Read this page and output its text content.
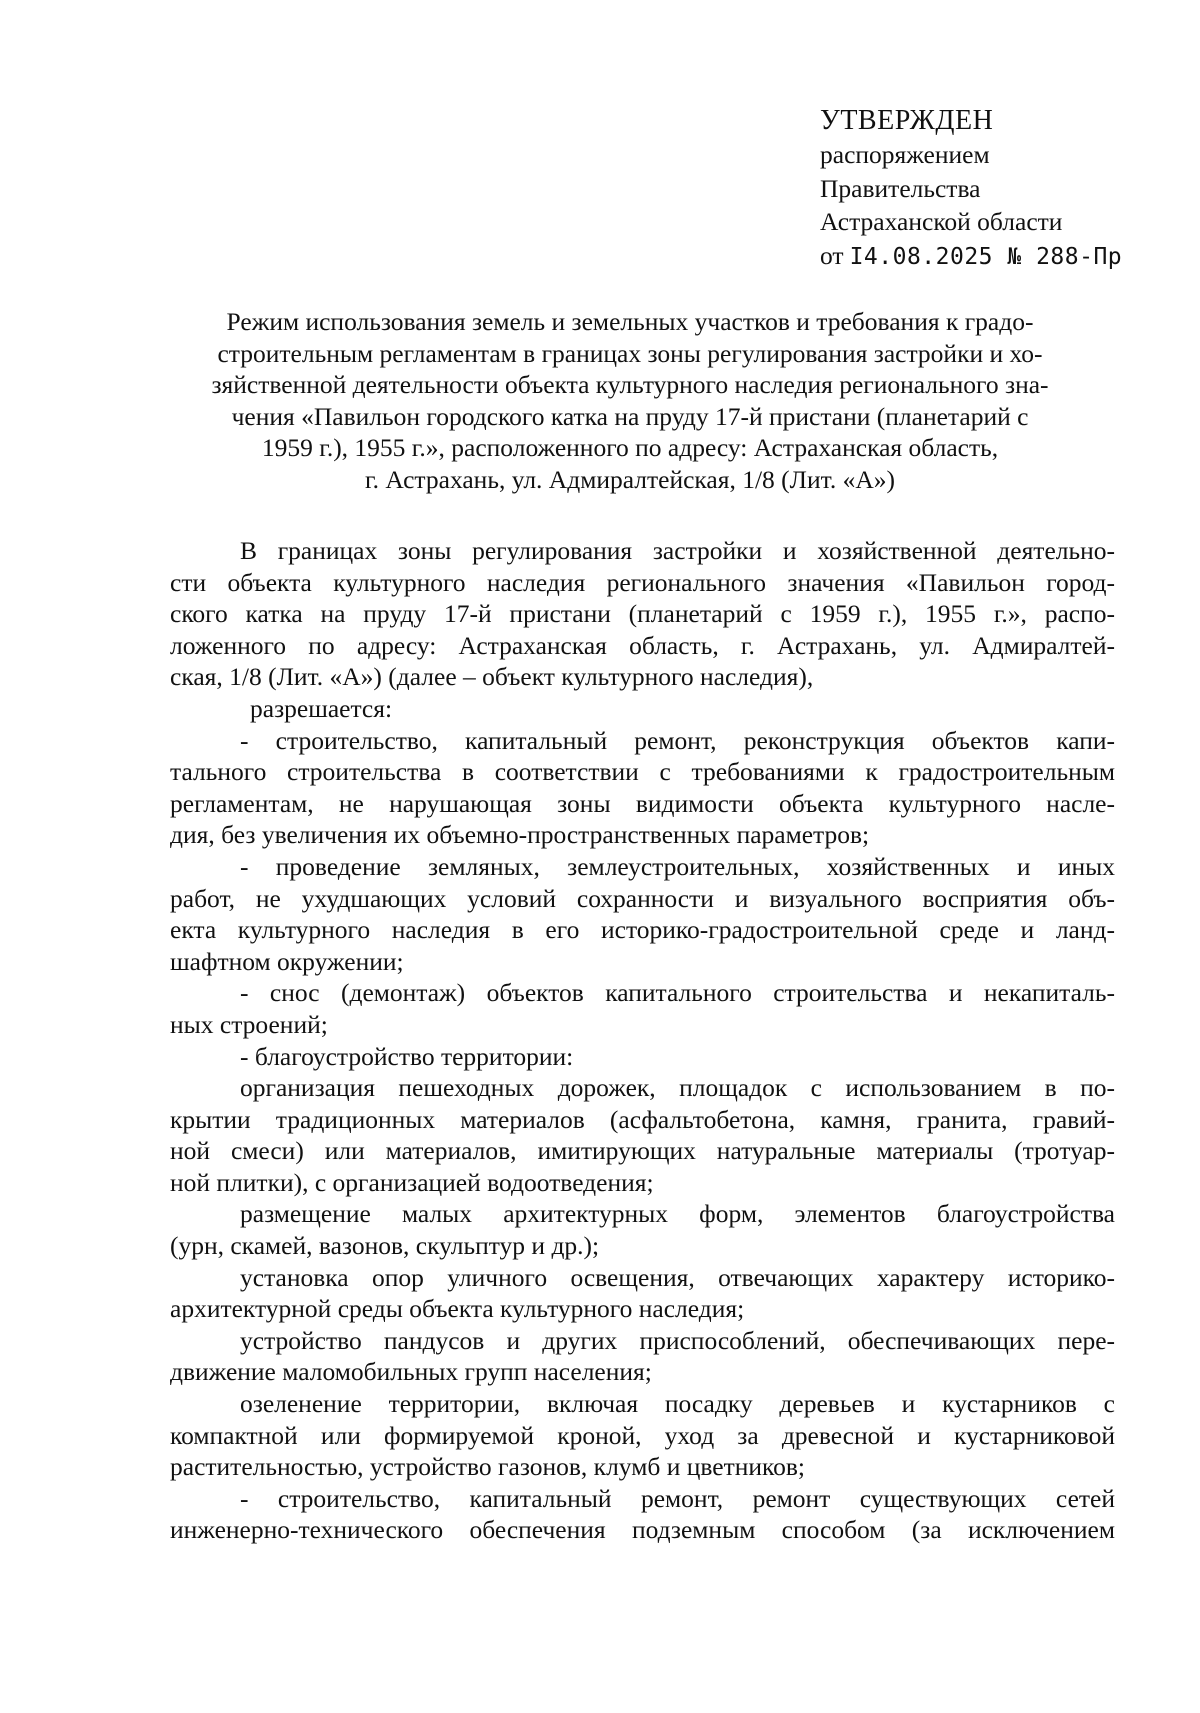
УТВЕРЖДЕН
распоряжением
Правительства
Астраханской области
от I4.08.2025 № 288-Пр
Режим использования земель и земельных участков и требования к градо-
строительным регламентам в границах зоны регулирования застройки и хо-
зяйственной деятельности объекта культурного наследия регионального зна-
чения «Павильон городского катка на пруду 17-й пристани (планетарий с
1959 г.), 1955 г.», расположенного по адресу: Астраханская область,
г. Астрахань, ул. Адмиралтейская, 1/8 (Лит. «А»)
В границах зоны регулирования застройки и хозяйственной деятельно-
сти объекта культурного наследия регионального значения «Павильон город-
ского катка на пруду 17-й пристани (планетарий с 1959 г.), 1955 г.», распо-
ложенного по адресу: Астраханская область, г. Астрахань, ул. Адмиралтей-
ская, 1/8 (Лит. «А») (далее – объект культурного наследия),
разрешается:
- строительство, капитальный ремонт, реконструкция объектов капи-
тального строительства в соответствии с требованиями к градостроительным
регламентам, не нарушающая зоны видимости объекта культурного насле-
дия, без увеличения их объемно-пространственных параметров;
- проведение земляных, землеустроительных, хозяйственных и иных
работ, не ухудшающих условий сохранности и визуального восприятия объ-
екта культурного наследия в его историко-градостроительной среде и ланд-
шафтном окружении;
- снос (демонтаж) объектов капитального строительства и некапиталь-
ных строений;
- благоустройство территории:
организация пешеходных дорожек, площадок с использованием в по-
крытии традиционных материалов (асфальтобетона, камня, гранита, гравий-
ной смеси) или материалов, имитирующих натуральные материалы (тротуар-
ной плитки), с организацией водоотведения;
размещение малых архитектурных форм, элементов благоустройства
(урн, скамей, вазонов, скульптур и др.);
установка опор уличного освещения, отвечающих характеру историко-
архитектурной среды объекта культурного наследия;
устройство пандусов и других приспособлений, обеспечивающих пере-
движение маломобильных групп населения;
озеленение территории, включая посадку деревьев и кустарников с
компактной или формируемой кроной, уход за древесной и кустарниковой
растительностью, устройство газонов, клумб и цветников;
- строительство, капитальный ремонт, ремонт существующих сетей
инженерно-технического обеспечения подземным способом (за исключением
